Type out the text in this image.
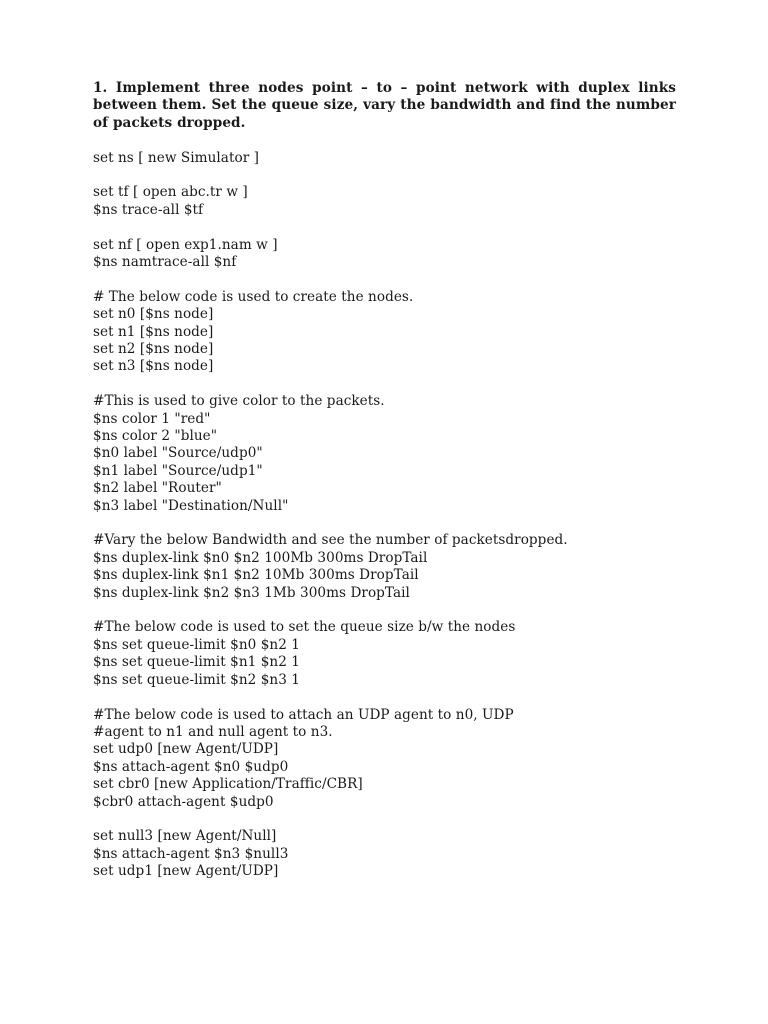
1. Implement three nodes point – to – point network with duplex links between them. Set the queue size, vary the bandwidth and find the number of packets dropped.
set ns [ new Simulator ]
set tf [ open abc.tr w ]
$ns trace-all $tf
set nf [ open exp1.nam w ]
$ns namtrace-all $nf
# The below code is used to create the nodes.
set n0 [$ns node]
set n1 [$ns node]
set n2 [$ns node]
set n3 [$ns node]
#This is used to give color to the packets.
$ns color 1 "red"
$ns color 2 "blue"
$n0 label "Source/udp0"
$n1 label "Source/udp1"
$n2 label "Router"
$n3 label "Destination/Null"
#Vary the below Bandwidth and see the number of packetsdropped.
$ns duplex-link $n0 $n2 100Mb 300ms DropTail
$ns duplex-link $n1 $n2 10Mb 300ms DropTail
$ns duplex-link $n2 $n3 1Mb 300ms DropTail
#The below code is used to set the queue size b/w the nodes
$ns set queue-limit $n0 $n2 1
$ns set queue-limit $n1 $n2 1
$ns set queue-limit $n2 $n3 1
#The below code is used to attach an UDP agent to n0, UDP
#agent to n1 and null agent to n3.
set udp0 [new Agent/UDP]
$ns attach-agent $n0 $udp0
set cbr0 [new Application/Traffic/CBR]
$cbr0 attach-agent $udp0
set null3 [new Agent/Null]
$ns attach-agent $n3 $null3
set udp1 [new Agent/UDP]
